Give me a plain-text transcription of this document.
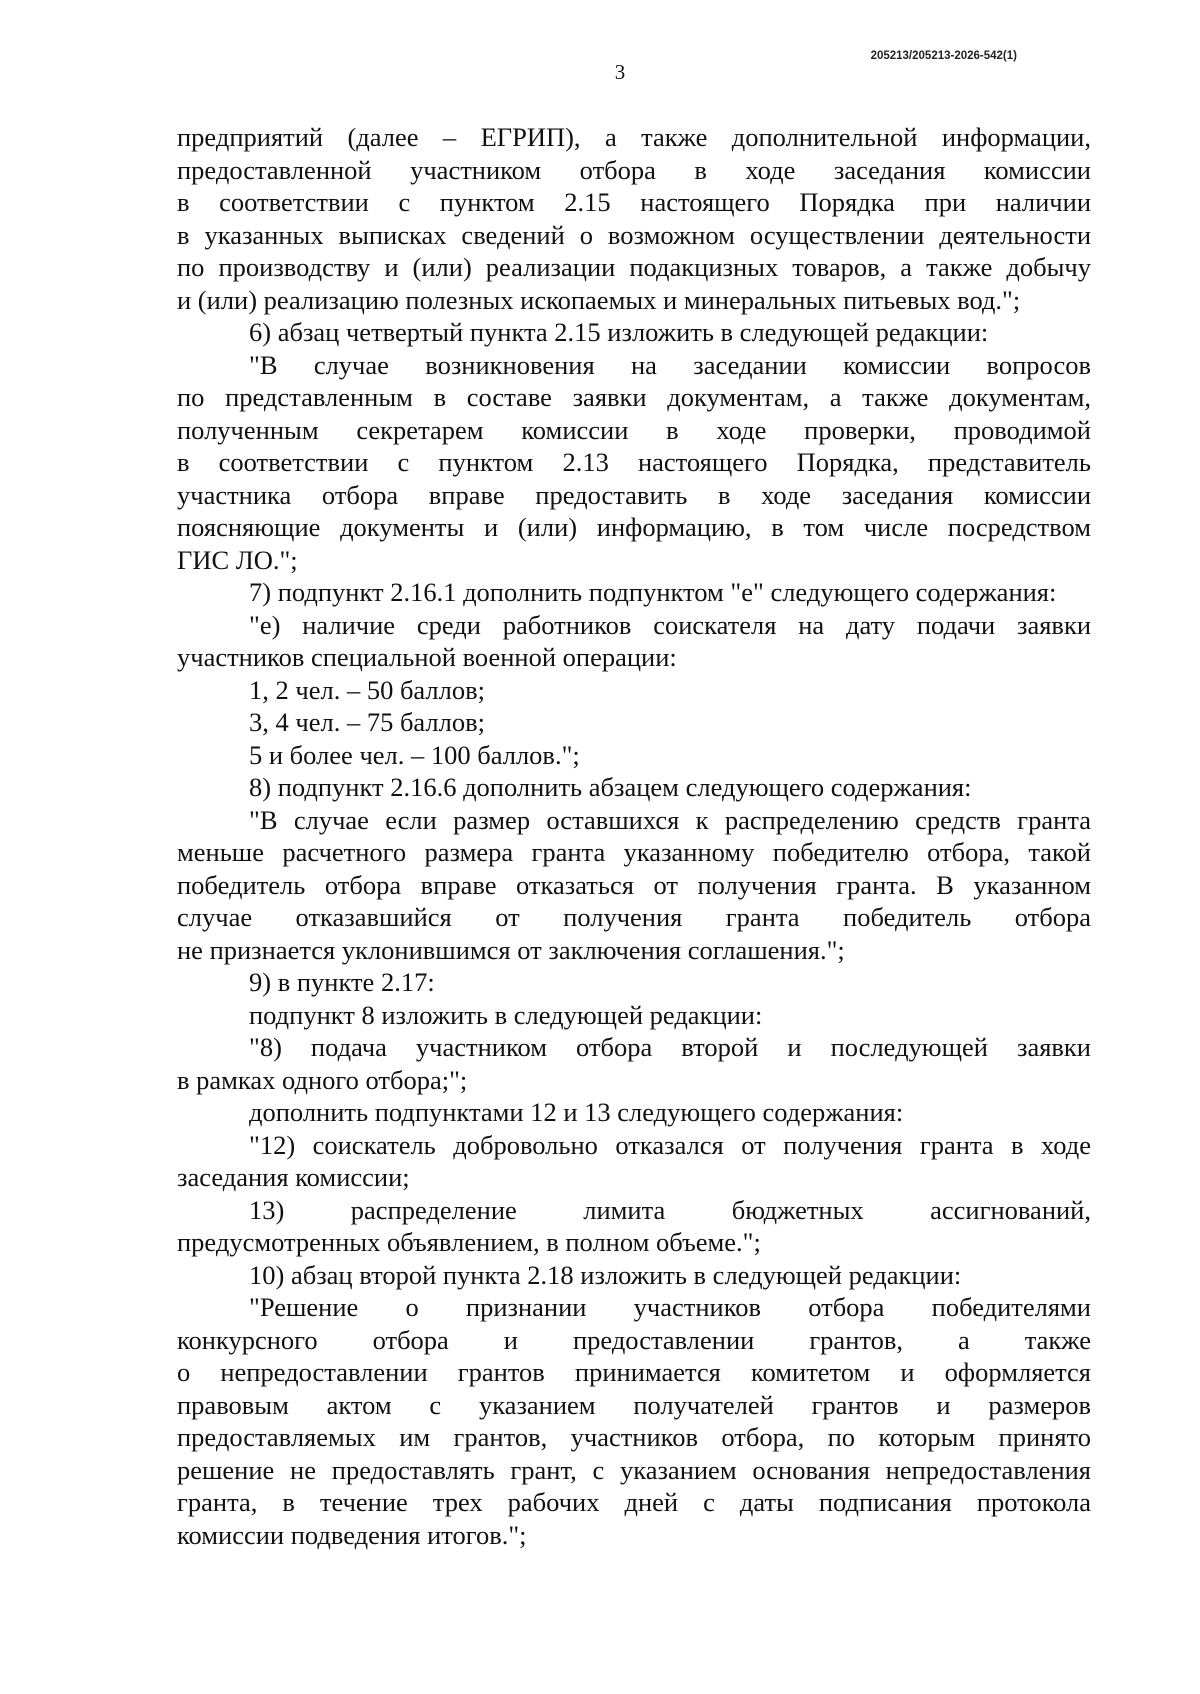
205213/205213-2026-542(1)
3
предприятий (далее – ЕГРИП), а также дополнительной информации,
предоставленной участником отбора в ходе заседания комиссии
в соответствии с пунктом 2.15 настоящего Порядка при наличии
в указанных выписках сведений о возможном осуществлении деятельности
по производству и (или) реализации подакцизных товаров, а также добычу
и (или) реализацию полезных ископаемых и минеральных питьевых вод.";
6) абзац четвертый пункта 2.15 изложить в следующей редакции:
"В случае возникновения на заседании комиссии вопросов
по представленным в составе заявки документам, а также документам,
полученным секретарем комиссии в ходе проверки, проводимой
в соответствии с пунктом 2.13 настоящего Порядка, представитель
участника отбора вправе предоставить в ходе заседания комиссии
поясняющие документы и (или) информацию, в том числе посредством
ГИС ЛО.";
7) подпункт 2.16.1 дополнить подпунктом "е" следующего содержания:
"е) наличие среди работников соискателя на дату подачи заявки
участников специальной военной операции:
1, 2 чел. – 50 баллов;
3, 4 чел. – 75 баллов;
5 и более чел. – 100 баллов.";
8) подпункт 2.16.6 дополнить абзацем следующего содержания:
"В случае если размер оставшихся к распределению средств гранта
меньше расчетного размера гранта указанному победителю отбора, такой
победитель отбора вправе отказаться от получения гранта. В указанном
случае отказавшийся от получения гранта победитель отбора
не признается уклонившимся от заключения соглашения.";
9) в пункте 2.17:
подпункт 8 изложить в следующей редакции:
"8) подача участником отбора второй и последующей заявки
в рамках одного отбора;";
дополнить подпунктами 12 и 13 следующего содержания:
"12) соискатель добровольно отказался от получения гранта в ходе
заседания комиссии;
13) распределение лимита бюджетных ассигнований,
предусмотренных объявлением, в полном объеме.";
10) абзац второй пункта 2.18 изложить в следующей редакции:
"Решение о признании участников отбора победителями
конкурсного отбора и предоставлении грантов, а также
о непредоставлении грантов принимается комитетом и оформляется
правовым актом с указанием получателей грантов и размеров
предоставляемых им грантов, участников отбора, по которым принято
решение не предоставлять грант, с указанием основания непредоставления
гранта, в течение трех рабочих дней с даты подписания протокола
комиссии подведения итогов.";
